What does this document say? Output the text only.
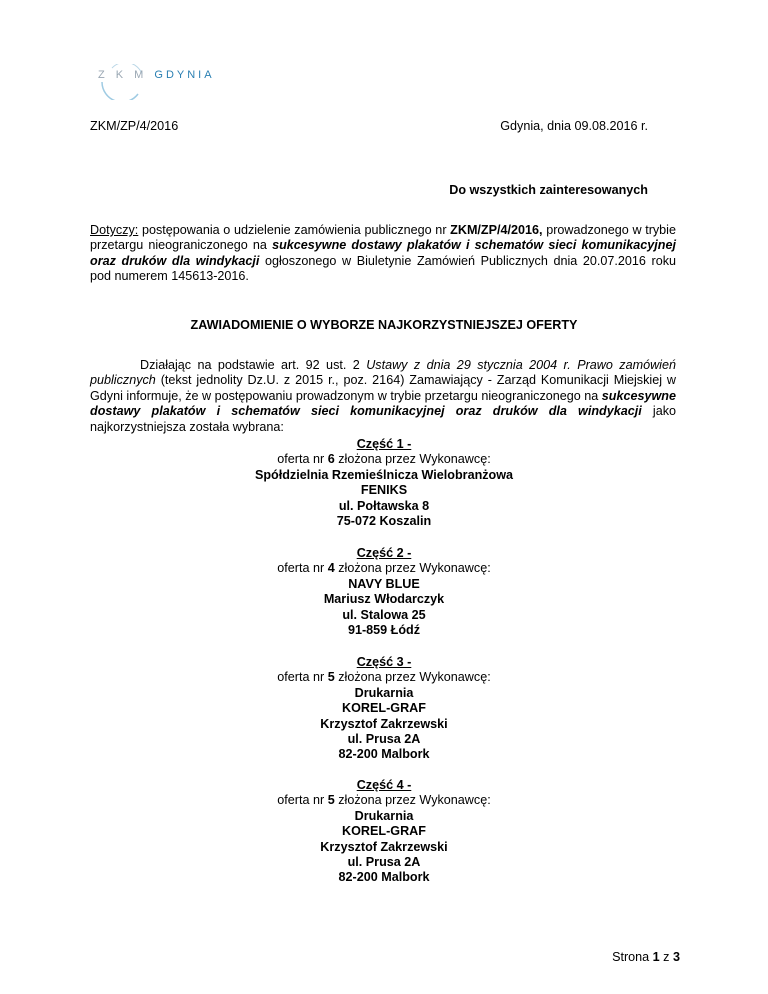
Z K M GDYNIA
ZKM/ZP/4/2016	Gdynia, dnia 09.08.2016 r.
Do wszystkich zainteresowanych
Dotyczy: postępowania o udzielenie zamówienia publicznego nr ZKM/ZP/4/2016, prowadzonego w trybie przetargu nieograniczonego na sukcesywne dostawy plakatów i schematów sieci komunikacyjnej oraz druków dla windykacji ogłoszonego w Biuletynie Zamówień Publicznych dnia 20.07.2016 roku pod numerem 145613-2016.
ZAWIADOMIENIE O WYBORZE NAJKORZYSTNIEJSZEJ OFERTY
Działając na podstawie art. 92 ust. 2 Ustawy z dnia 29 stycznia 2004 r. Prawo zamówień publicznych (tekst jednolity Dz.U. z 2015 r., poz. 2164) Zamawiający - Zarząd Komunikacji Miejskiej w Gdyni informuje, że w postępowaniu prowadzonym w trybie przetargu nieograniczonego na sukcesywne dostawy plakatów i schematów sieci komunikacyjnej oraz druków dla windykacji jako najkorzystniejsza została wybrana:
Część 1 -
oferta nr 6 złożona przez Wykonawcę:
Spółdzielnia Rzemieślnicza Wielobranżowa
FENIKS
ul. Połtawska 8
75-072 Koszalin
Część 2 -
oferta nr 4 złożona przez Wykonawcę:
NAVY BLUE
Mariusz Włodarczyk
ul. Stalowa 25
91-859 Łódź
Część 3 -
oferta nr 5 złożona przez Wykonawcę:
Drukarnia
KOREL-GRAF
Krzysztof Zakrzewski
ul. Prusa 2A
82-200 Malbork
Część 4 -
oferta nr 5 złożona przez Wykonawcę:
Drukarnia
KOREL-GRAF
Krzysztof Zakrzewski
ul. Prusa 2A
82-200 Malbork
Strona 1 z 3
